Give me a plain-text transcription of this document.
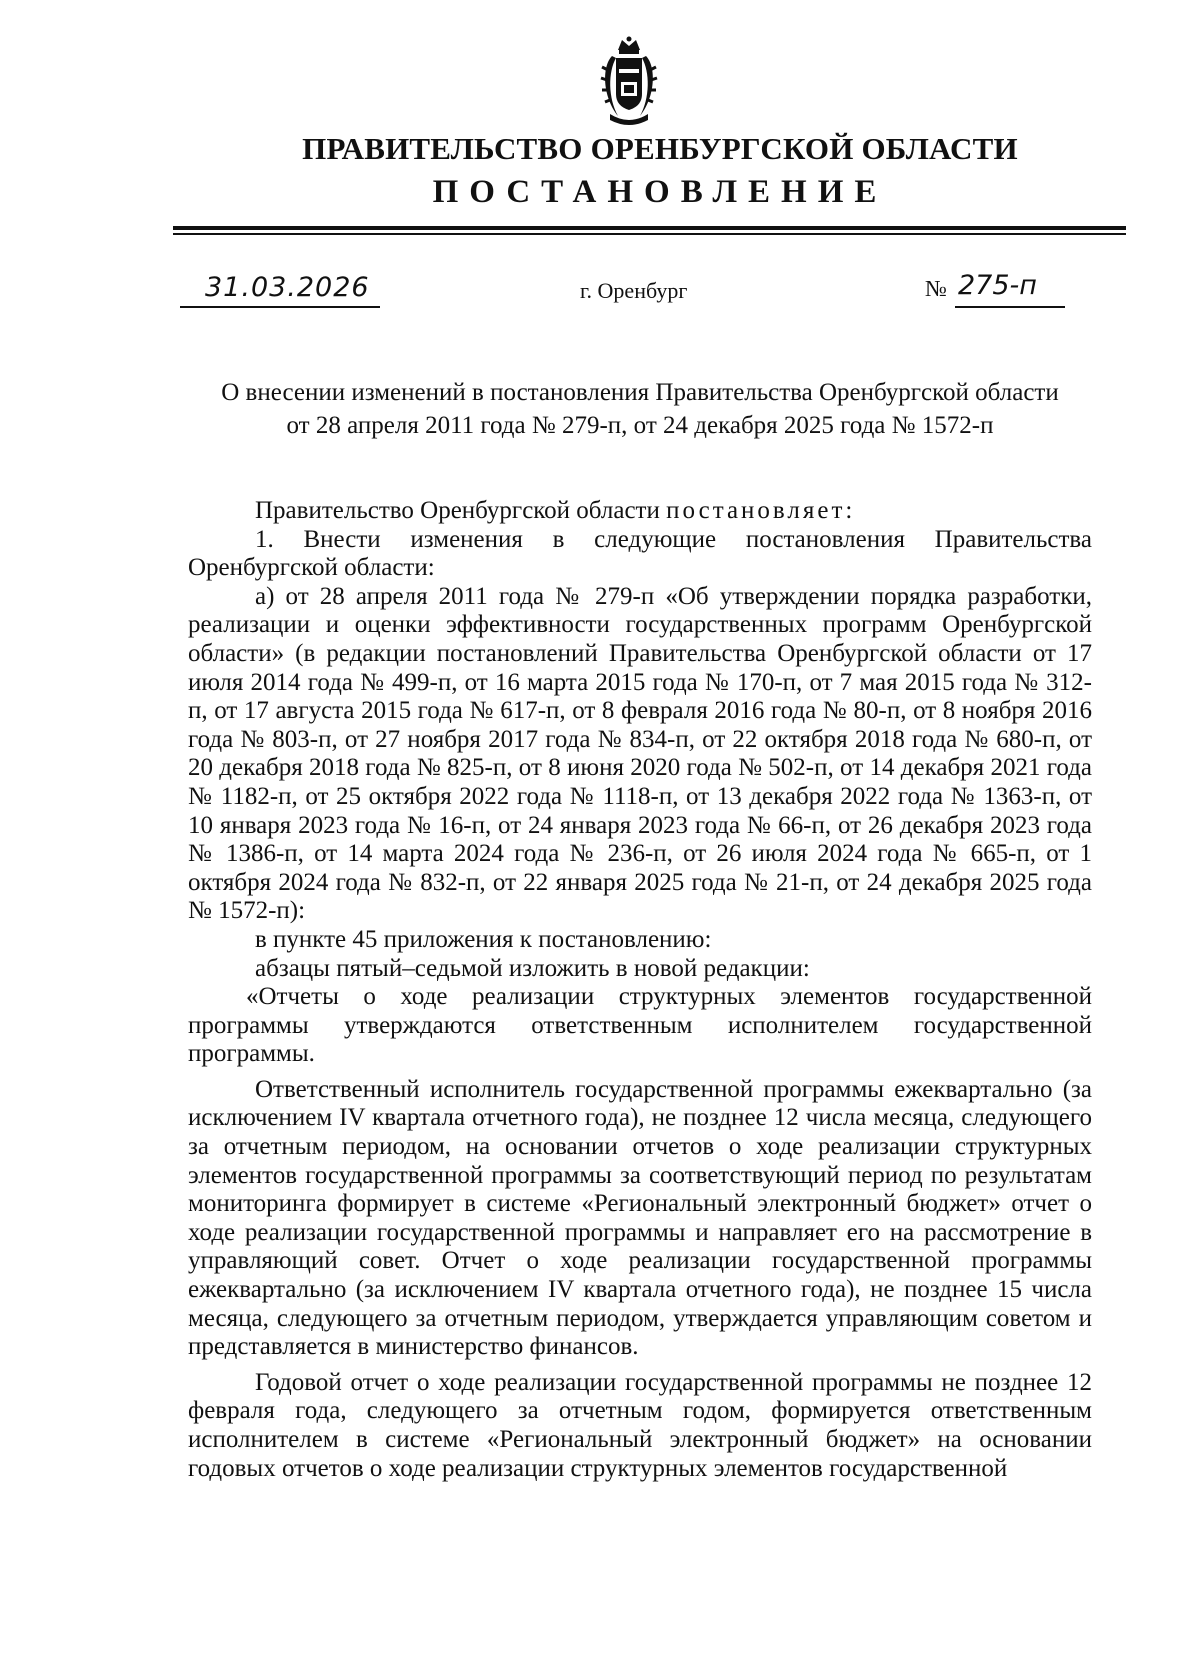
ПРАВИТЕЛЬСТВО ОРЕНБУРГСКОЙ ОБЛАСТИ
ПОСТАНОВЛЕНИЕ
31.03.2026	г. Оренбург	№ 275-п
О внесении изменений в постановления Правительства Оренбургской области
от 28 апреля 2011 года № 279-п, от 24 декабря 2025 года № 1572-п

Правительство Оренбургской области постановляет:

1. Внести изменения в следующие постановления Правительства Оренбургской области:

а) от 28 апреля 2011 года № 279-п «Об утверждении порядка разработки, реализации и оценки эффективности государственных программ Оренбургской области» (в редакции постановлений Правительства Оренбургской области от 17 июля 2014 года № 499-п, от 16 марта 2015 года № 170-п, от 7 мая 2015 года № 312-п, от 17 августа 2015 года № 617-п, от 8 февраля 2016 года № 80-п, от 8 ноября 2016 года № 803-п, от 27 ноября 2017 года № 834-п, от 22 октября 2018 года № 680-п, от 20 декабря 2018 года № 825-п, от 8 июня 2020 года № 502-п, от 14 декабря 2021 года № 1182-п, от 25 октября 2022 года № 1118-п, от 13 декабря 2022 года № 1363-п, от 10 января 2023 года № 16-п, от 24 января 2023 года № 66-п, от 26 декабря 2023 года № 1386-п, от 14 марта 2024 года № 236-п, от 26 июля 2024 года № 665-п, от 1 октября 2024 года № 832-п, от 22 января 2025 года № 21-п, от 24 декабря 2025 года № 1572-п):

в пункте 45 приложения к постановлению:

абзацы пятый–седьмой изложить в новой редакции:

«Отчеты о ходе реализации структурных элементов государственной программы утверждаются ответственным исполнителем государственной программы.

Ответственный исполнитель государственной программы ежеквартально (за исключением IV квартала отчетного года), не позднее 12 числа месяца, следующего за отчетным периодом, на основании отчетов о ходе реализации структурных элементов государственной программы за соответствующий период по результатам мониторинга формирует в системе «Региональный электронный бюджет» отчет о ходе реализации государственной программы и направляет его на рассмотрение в управляющий совет. Отчет о ходе реализации государственной программы ежеквартально (за исключением IV квартала отчетного года), не позднее 15 числа месяца, следующего за отчетным периодом, утверждается управляющим советом и представляется в министерство финансов.

Годовой отчет о ходе реализации государственной программы не позднее 12 февраля года, следующего за отчетным годом, формируется ответственным исполнителем в системе «Региональный электронный бюджет» на основании годовых отчетов о ходе реализации структурных элементов государственной
